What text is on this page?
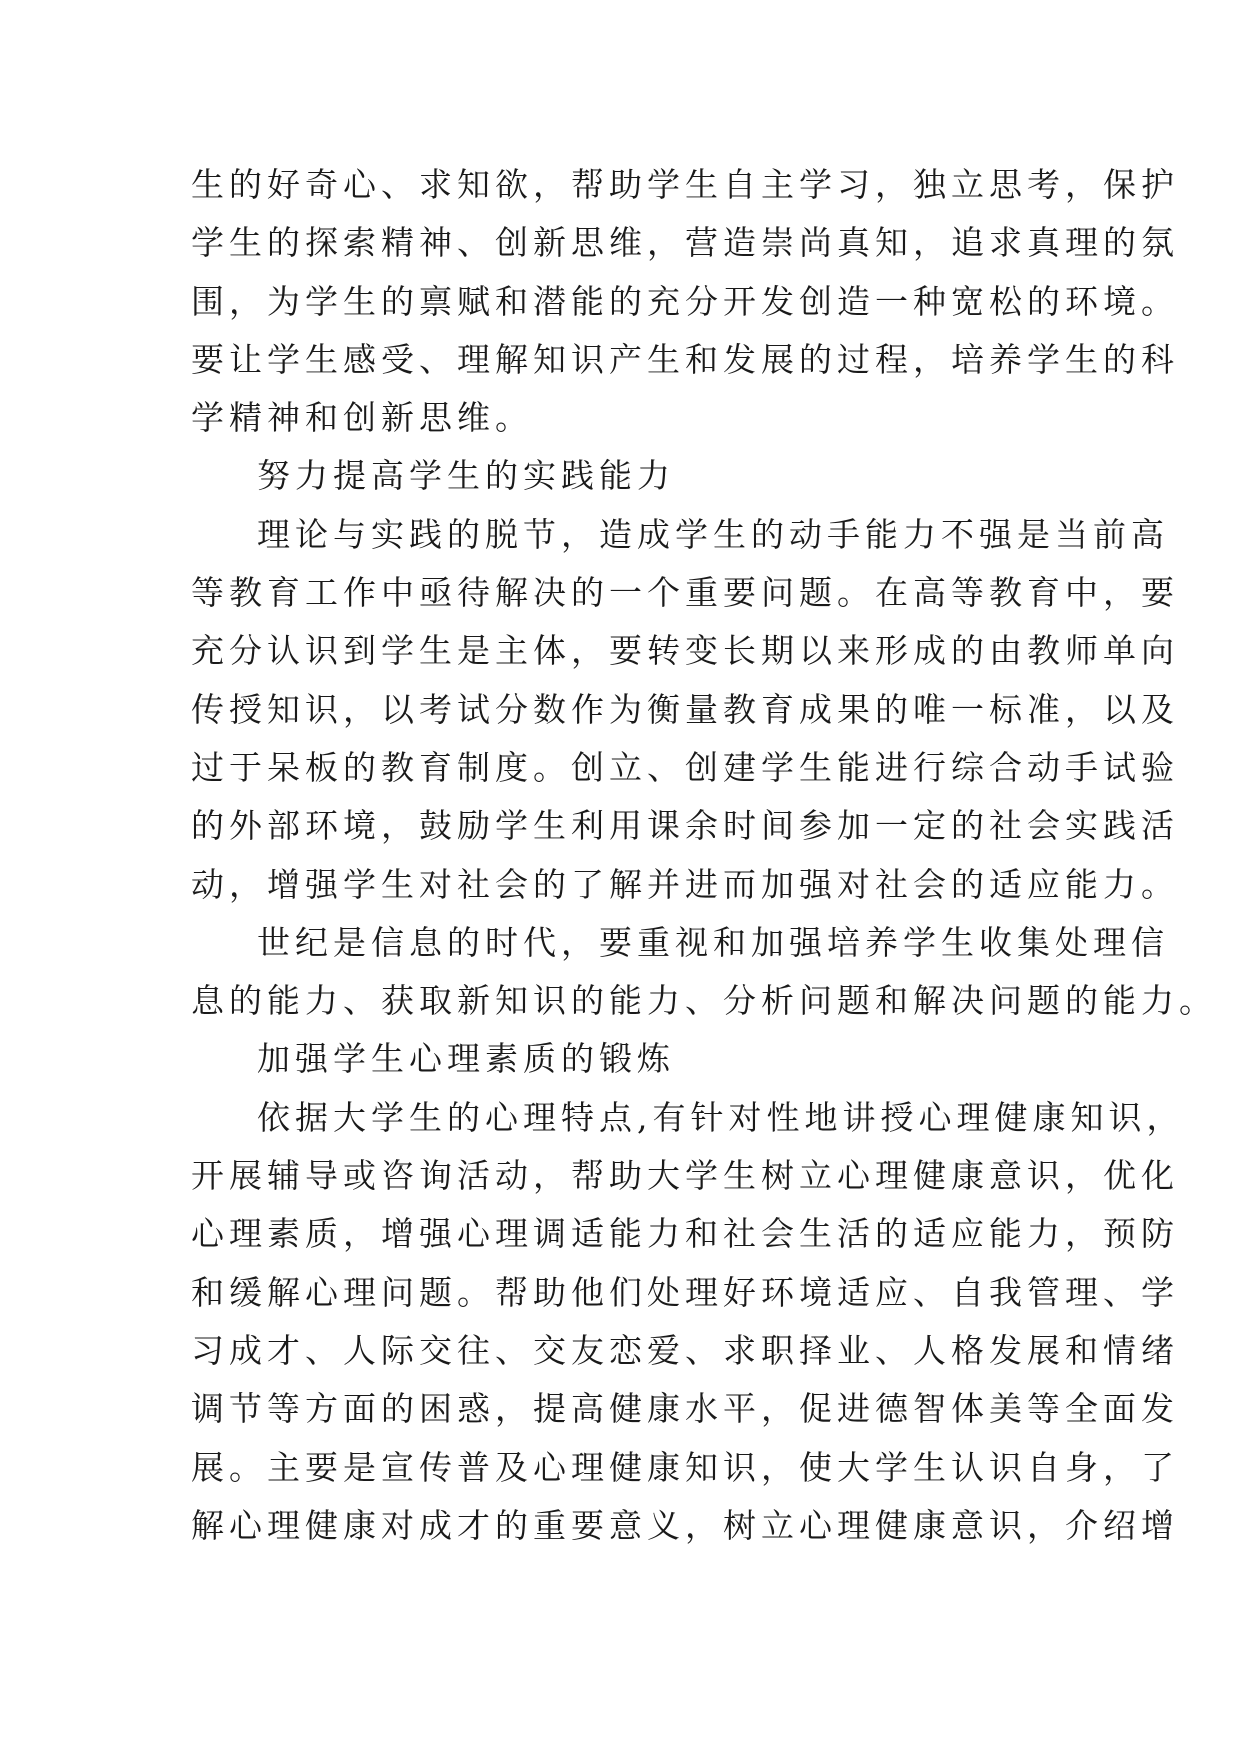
生的好奇心、求知欲，帮助学生自主学习，独立思考，保护
学生的探索精神、创新思维，营造崇尚真知，追求真理的氛
围，为学生的禀赋和潜能的充分开发创造一种宽松的环境。
要让学生感受、理解知识产生和发展的过程，培养学生的科
学精神和创新思维。
努力提高学生的实践能力
理论与实践的脱节，造成学生的动手能力不强是当前高
等教育工作中亟待解决的一个重要问题。在高等教育中，要
充分认识到学生是主体，要转变长期以来形成的由教师单向
传授知识，以考试分数作为衡量教育成果的唯一标准，以及
过于呆板的教育制度。创立、创建学生能进行综合动手试验
的外部环境，鼓励学生利用课余时间参加一定的社会实践活
动，增强学生对社会的了解并进而加强对社会的适应能力。
世纪是信息的时代，要重视和加强培养学生收集处理信
息的能力、获取新知识的能力、分析问题和解决问题的能力。
加强学生心理素质的锻炼
依据大学生的心理特点,有针对性地讲授心理健康知识，
开展辅导或咨询活动，帮助大学生树立心理健康意识，优化
心理素质，增强心理调适能力和社会生活的适应能力，预防
和缓解心理问题。帮助他们处理好环境适应、自我管理、学
习成才、人际交往、交友恋爱、求职择业、人格发展和情绪
调节等方面的困惑，提高健康水平，促进德智体美等全面发
展。主要是宣传普及心理健康知识，使大学生认识自身，了
解心理健康对成才的重要意义，树立心理健康意识，介绍增
